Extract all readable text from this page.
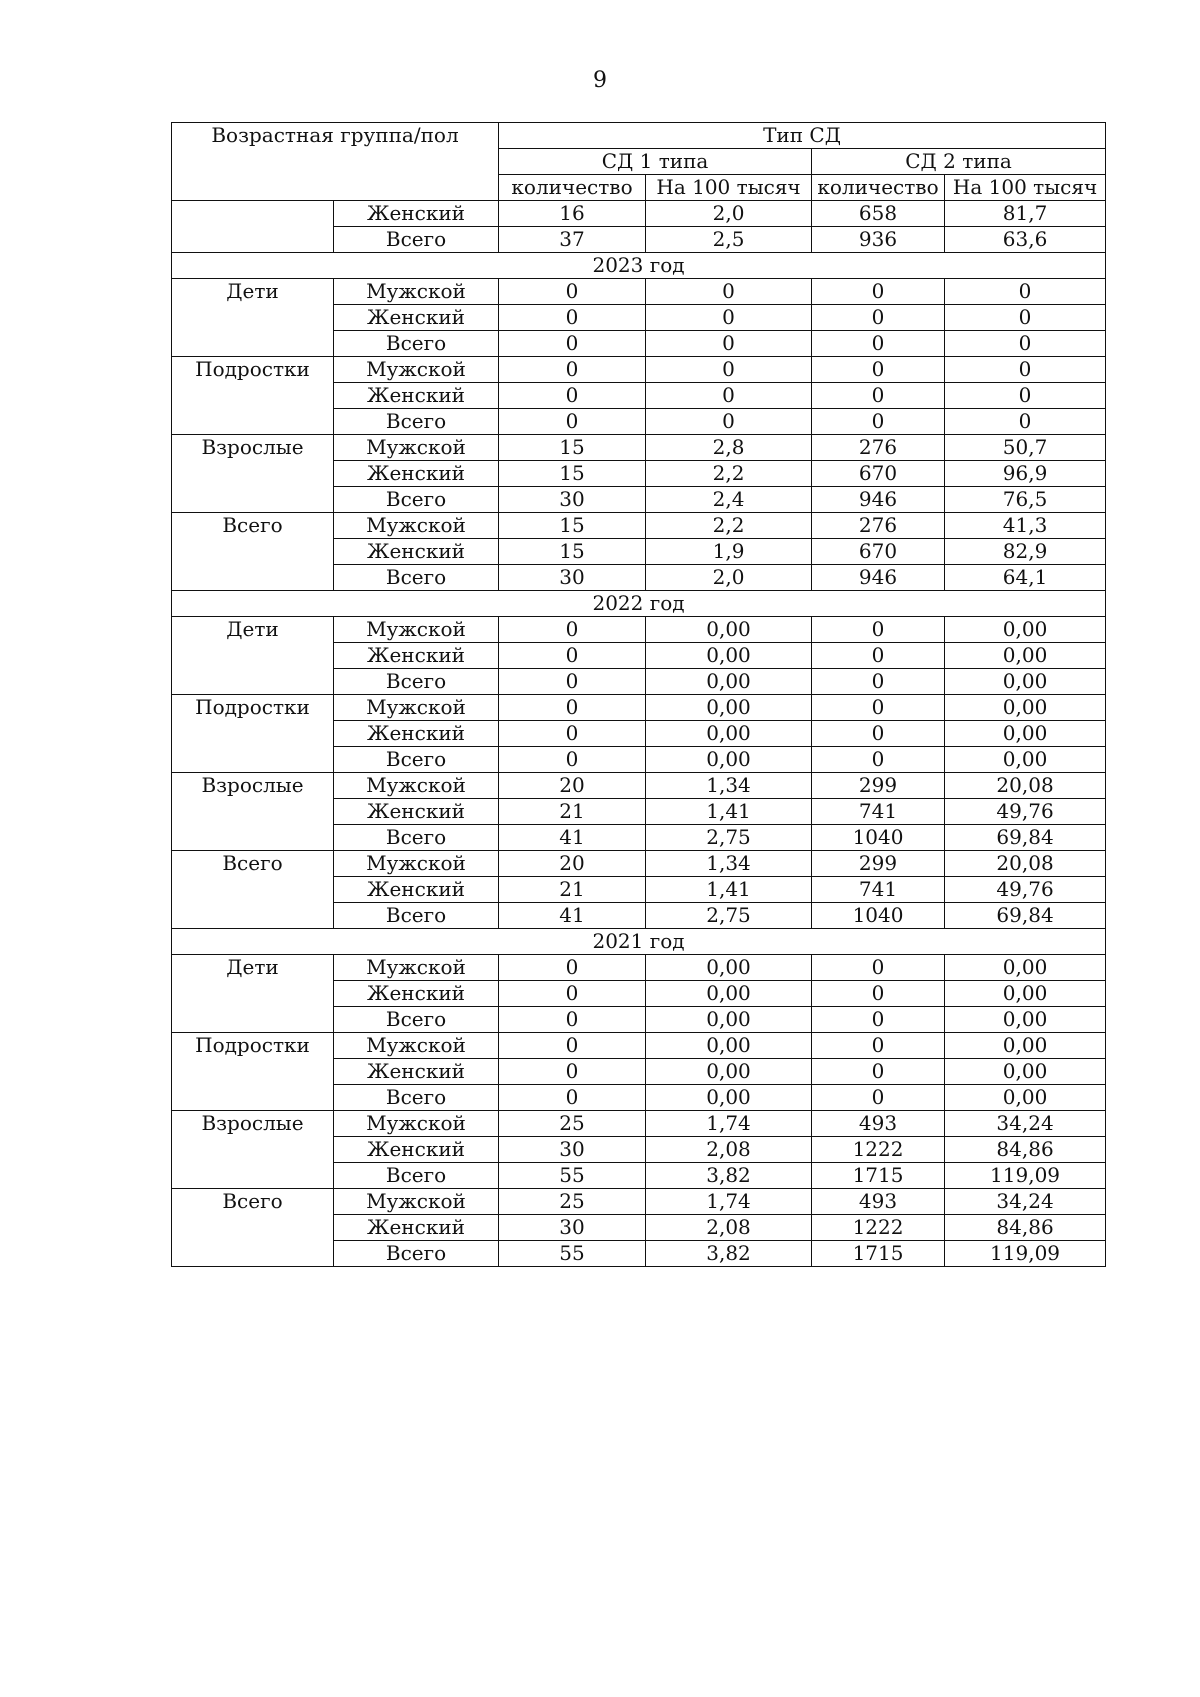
9
Возрастная группа/пол		Тип СД			
		СД 1 типа		СД 2 типа	
		количество	На 100 тысяч	количество	На 100 тысяч
	Женский	16	2,0	658	81,7
	Всего	37	2,5	936	63,6
2023 год					
Дети	Мужской	0	0	0	0
	Женский	0	0	0	0
	Всего	0	0	0	0
Подростки	Мужской	0	0	0	0
	Женский	0	0	0	0
	Всего	0	0	0	0
Взрослые	Мужской	15	2,8	276	50,7
	Женский	15	2,2	670	96,9
	Всего	30	2,4	946	76,5
Всего	Мужской	15	2,2	276	41,3
	Женский	15	1,9	670	82,9
	Всего	30	2,0	946	64,1
2022 год					
Дети	Мужской	0	0,00	0	0,00
	Женский	0	0,00	0	0,00
	Всего	0	0,00	0	0,00
Подростки	Мужской	0	0,00	0	0,00
	Женский	0	0,00	0	0,00
	Всего	0	0,00	0	0,00
Взрослые	Мужской	20	1,34	299	20,08
	Женский	21	1,41	741	49,76
	Всего	41	2,75	1040	69,84
Всего	Мужской	20	1,34	299	20,08
	Женский	21	1,41	741	49,76
	Всего	41	2,75	1040	69,84
2021 год					
Дети	Мужской	0	0,00	0	0,00
	Женский	0	0,00	0	0,00
	Всего	0	0,00	0	0,00
Подростки	Мужской	0	0,00	0	0,00
	Женский	0	0,00	0	0,00
	Всего	0	0,00	0	0,00
Взрослые	Мужской	25	1,74	493	34,24
	Женский	30	2,08	1222	84,86
	Всего	55	3,82	1715	119,09
Всего	Мужской	25	1,74	493	34,24
	Женский	30	2,08	1222	84,86
	Всего	55	3,82	1715	119,09
